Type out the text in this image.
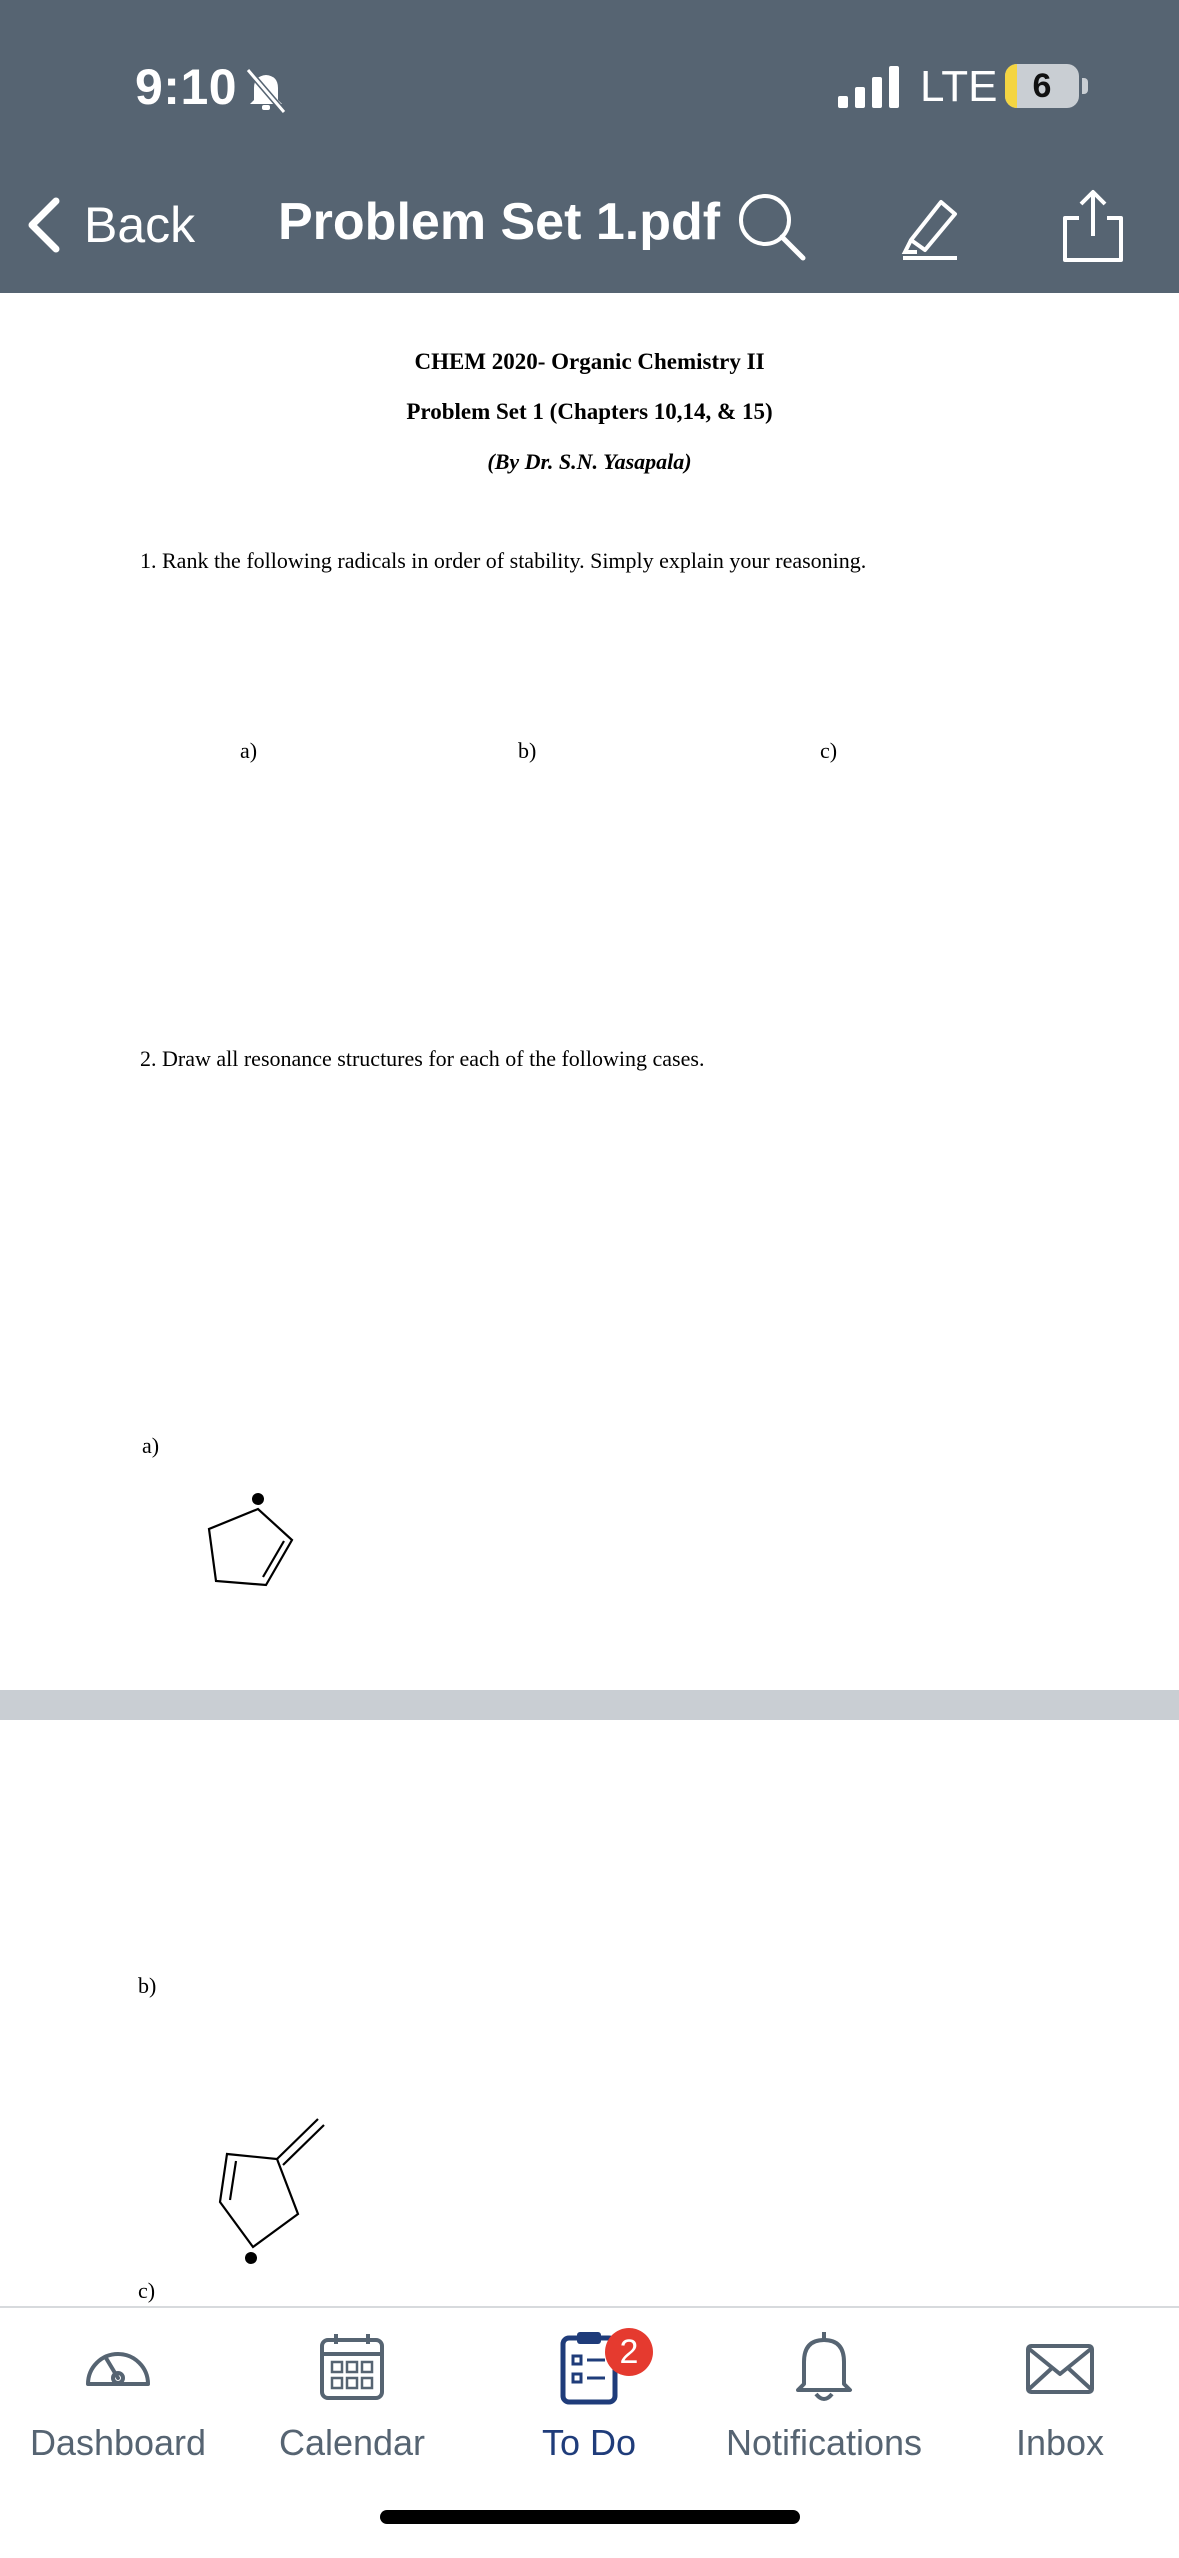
9:10	LTE	6
Back Problem Set 1.pdf
CHEM 2020- Organic Chemistry II
Problem Set 1 (Chapters 10,14, & 15)
(By Dr. S.N. Yasapala)
1. Rank the following radicals in order of stability. Simply explain your reasoning.
a)	b)	c)
2. Draw all resonance structures for each of the following cases.
a)
b)
c)
Dashboard	Calendar
2
To Do	Notifications	Inbox
